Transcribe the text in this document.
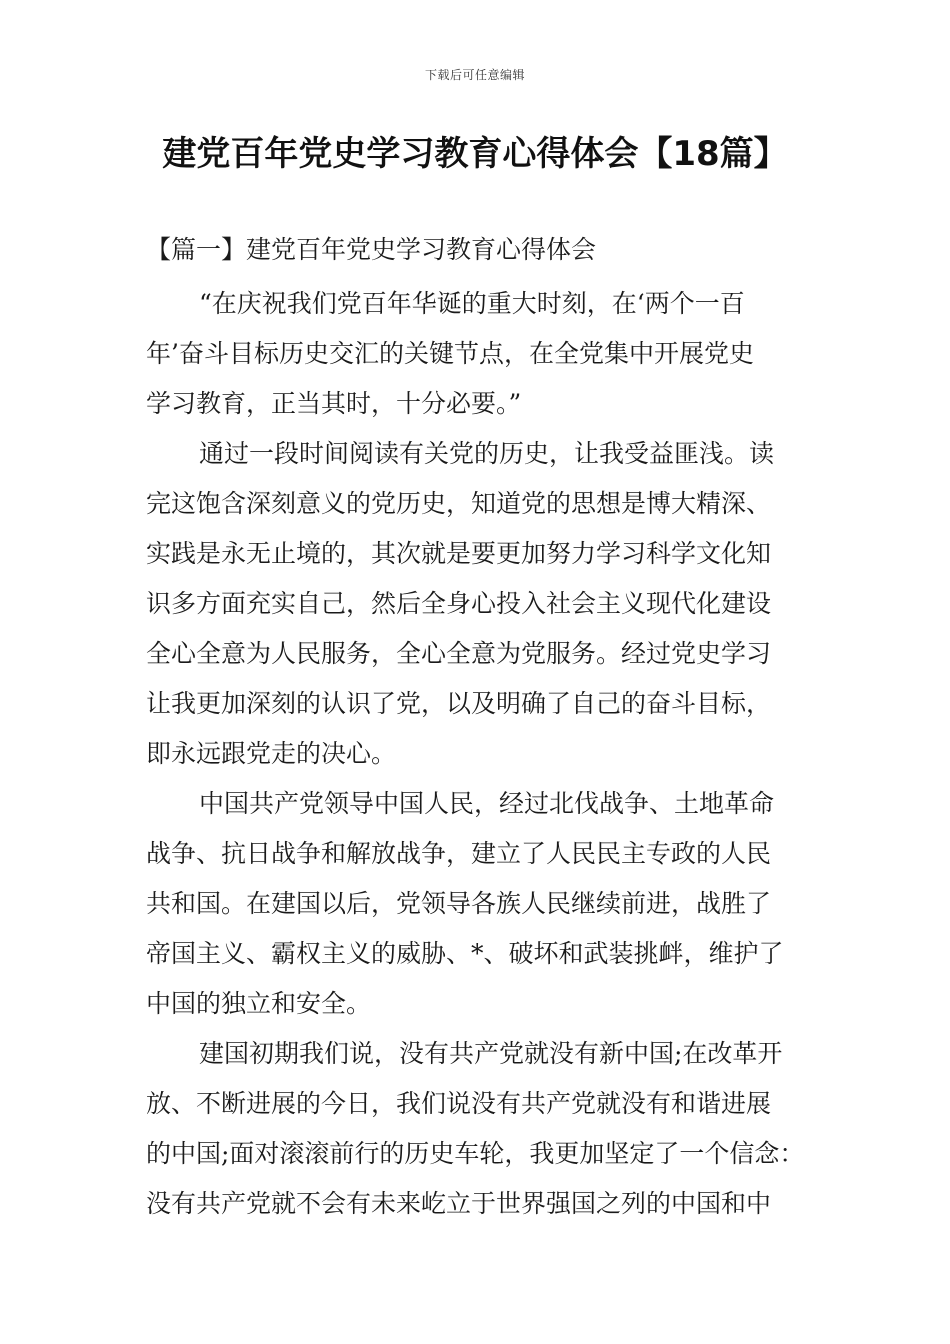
下载后可任意编辑
建党百年党史学习教育心得体会【18篇】
【篇一】建党百年党史学习教育心得体会
“在庆祝我们党百年华诞的重大时刻，在‘两个一百
年’奋斗目标历史交汇的关键节点，在全党集中开展党史
学习教育，正当其时，十分必要。”
通过一段时间阅读有关党的历史，让我受益匪浅。读
完这饱含深刻意义的党历史，知道党的思想是博大精深、
实践是永无止境的，其次就是要更加努力学习科学文化知
识多方面充实自己，然后全身心投入社会主义现代化建设
全心全意为人民服务，全心全意为党服务。经过党史学习
让我更加深刻的认识了党，以及明确了自己的奋斗目标，
即永远跟党走的决心。
中国共产党领导中国人民，经过北伐战争、土地革命
战争、抗日战争和解放战争，建立了人民民主专政的人民
共和国。在建国以后，党领导各族人民继续前进，战胜了
帝国主义、霸权主义的威胁、*、破坏和武装挑衅，维护了
中国的独立和安全。
建国初期我们说，没有共产党就没有新中国;在改革开
放、不断进展的今日，我们说没有共产党就没有和谐进展
的中国;面对滚滚前行的历史车轮，我更加坚定了一个信念：
没有共产党就不会有未来屹立于世界强国之列的中国和中
